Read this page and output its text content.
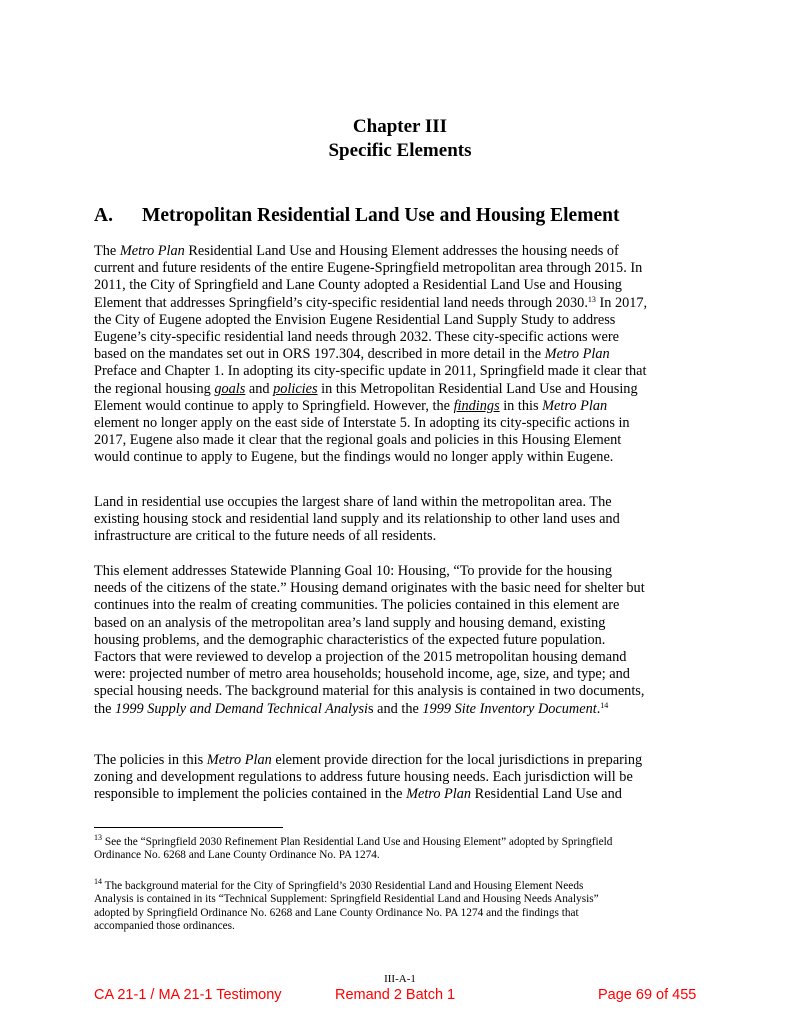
Chapter III
Specific Elements
A. Metropolitan Residential Land Use and Housing Element
The Metro Plan Residential Land Use and Housing Element addresses the housing needs of
current and future residents of the entire Eugene-Springfield metropolitan area through 2015. In
2011, the City of Springfield and Lane County adopted a Residential Land Use and Housing
Element that addresses Springfield’s city-specific residential land needs through 2030.13 In 2017,
the City of Eugene adopted the Envision Eugene Residential Land Supply Study to address
Eugene’s city-specific residential land needs through 2032. These city-specific actions were
based on the mandates set out in ORS 197.304, described in more detail in the Metro Plan
Preface and Chapter 1. In adopting its city-specific update in 2011, Springfield made it clear that
the regional housing goals and policies in this Metropolitan Residential Land Use and Housing
Element would continue to apply to Springfield. However, the findings in this Metro Plan
element no longer apply on the east side of Interstate 5. In adopting its city-specific actions in
2017, Eugene also made it clear that the regional goals and policies in this Housing Element
would continue to apply to Eugene, but the findings would no longer apply within Eugene.
Land in residential use occupies the largest share of land within the metropolitan area. The
existing housing stock and residential land supply and its relationship to other land uses and
infrastructure are critical to the future needs of all residents.
This element addresses Statewide Planning Goal 10: Housing, “To provide for the housing
needs of the citizens of the state.” Housing demand originates with the basic need for shelter but
continues into the realm of creating communities. The policies contained in this element are
based on an analysis of the metropolitan area’s land supply and housing demand, existing
housing problems, and the demographic characteristics of the expected future population.
Factors that were reviewed to develop a projection of the 2015 metropolitan housing demand
were: projected number of metro area households; household income, age, size, and type; and
special housing needs. The background material for this analysis is contained in two documents,
the 1999 Supply and Demand Technical Analysis and the 1999 Site Inventory Document.$^{14}$
The policies in this Metro Plan element provide direction for the local jurisdictions in preparing
zoning and development regulations to address future housing needs. Each jurisdiction will be
responsible to implement the policies contained in the Metro Plan Residential Land Use and
$^{13}$ See the “Springfield 2030 Refinement Plan Residential Land Use and Housing Element” adopted by Springfield
Ordinance No. 6268 and Lane County Ordinance No. PA 1274.
$^{14}$ The background material for the City of Springfield’s 2030 Residential Land and Housing Element Needs
Analysis is contained in its “Technical Supplement: Springfield Residential Land and Housing Needs Analysis”
adopted by Springfield Ordinance No. 6268 and Lane County Ordinance No. PA 1274 and the findings that
accompanied those ordinances.
III-A-1
CA 21-1 / MA 21-1 Testimony	Remand 2 Batch 1	Page 69 of 455
